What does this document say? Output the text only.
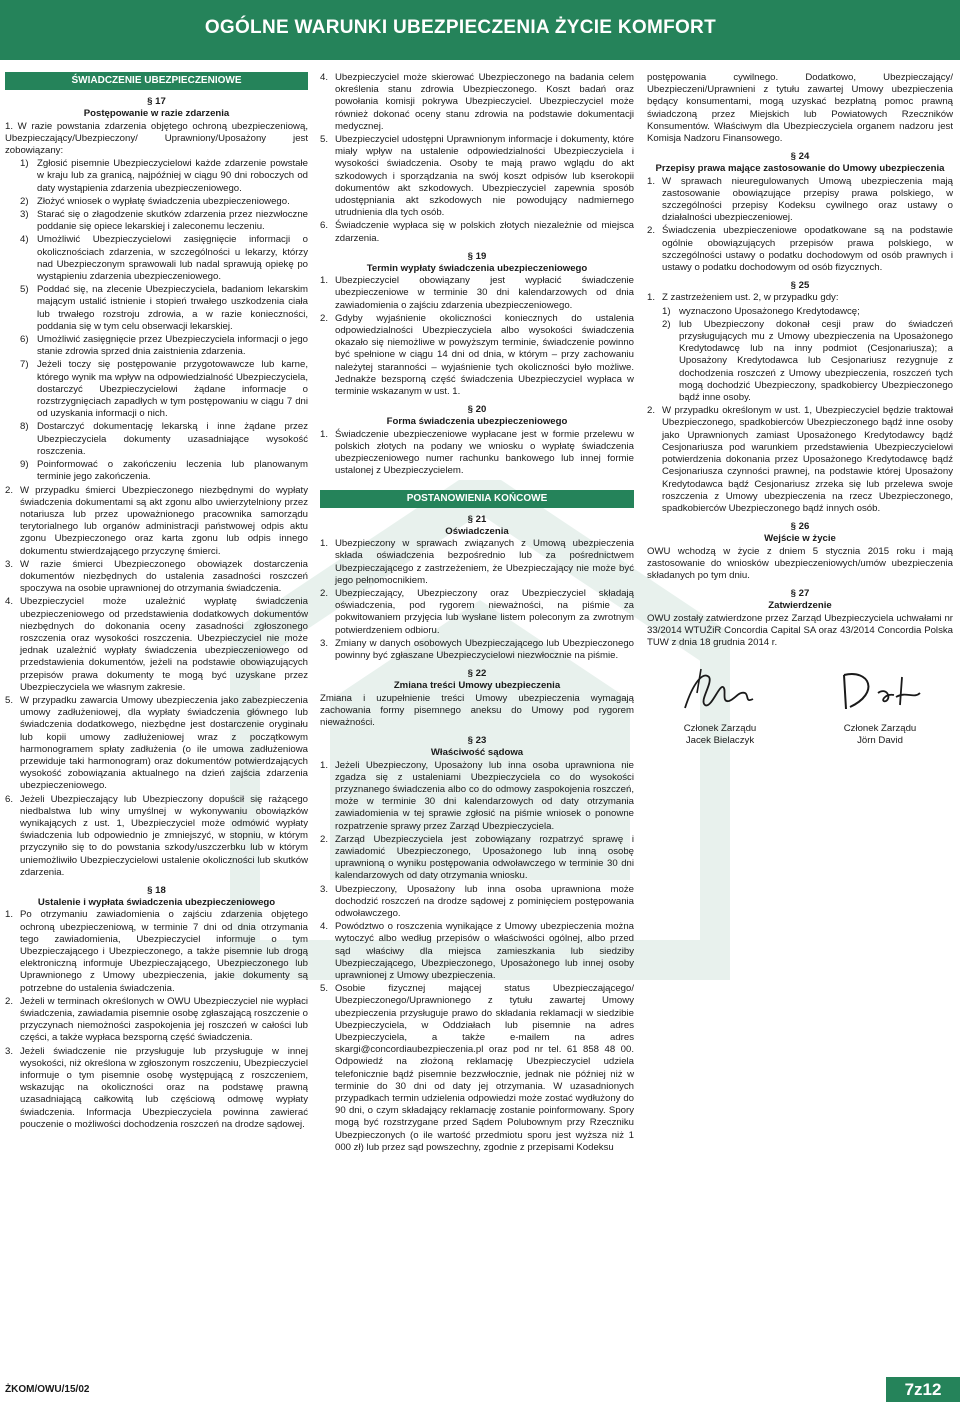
OGÓLNE WARUNKI UBEZPIECZENIA ŻYCIE KOMFORT
ŚWIADCZENIE UBEZPIECZENIOWE
§ 17
Postępowanie w razie zdarzenia
1. W razie powstania zdarzenia objętego ochroną ubezpieczeniową, Ubezpieczający/Ubezpieczony/ Uprawniony/Uposażony jest zobowiązany:
1) Zgłosić pisemnie Ubezpieczycielowi każde zdarzenie powstałe w kraju lub za granicą, najpóźniej w ciągu 90 dni roboczych od daty wystąpienia zdarzenia ubezpieczeniowego.
2) Złożyć wniosek o wypłatę świadczenia ubezpieczeniowego.
3) Starać się o złagodzenie skutków zdarzenia przez niezwłoczne poddanie się opiece lekarskiej i zaleconemu leczeniu.
4) Umożliwić Ubezpieczycielowi zasięgnięcie informacji o okolicznościach zdarzenia, w szczególności u lekarzy, którzy nad Ubezpieczonym sprawowali lub nadal sprawują opiekę po wystąpieniu zdarzenia ubezpieczeniowego.
5) Poddać się, na zlecenie Ubezpieczyciela, badaniom lekarskim mającym ustalić istnienie i stopień trwałego uszkodzenia ciała lub trwałego rozstroju zdrowia, a w razie konieczności, poddania się w tym celu obserwacji lekarskiej.
6) Umożliwić zasięgnięcie przez Ubezpieczyciela informacji o jego stanie zdrowia sprzed dnia zaistnienia zdarzenia.
7) Jeżeli toczy się postępowanie przygotowawcze lub karne, którego wynik ma wpływ na odpowiedzialność Ubezpieczyciela, dostarczyć Ubezpieczycielowi żądane informacje o rozstrzygnięciach zapadłych w tym postępowaniu w ciągu 7 dni od uzyskania informacji o nich.
8) Dostarczyć dokumentację lekarską i inne żądane przez Ubezpieczyciela dokumenty uzasadniające wysokość roszczenia.
9) Poinformować o zakończeniu leczenia lub planowanym terminie jego zakończenia.
2. W przypadku śmierci Ubezpieczonego niezbędnymi do wypłaty świadczenia dokumentami są akt zgonu albo uwierzytelniony przez notariusza lub przez upoważnionego pracownika samorządu terytorialnego lub organów administracji państwowej odpis aktu zgonu Ubezpieczonego oraz karta zgonu lub odpis innego dokumentu stwierdzającego przyczynę śmierci.
3. W razie śmierci Ubezpieczonego obowiązek dostarczenia dokumentów niezbędnych do ustalenia zasadności roszczeń spoczywa na osobie uprawnionej do otrzymania świadczenia.
4. Ubezpieczyciel może uzależnić wypłatę świadczenia ubezpieczeniowego od przedstawienia dodatkowych dokumentów niezbędnych do dokonania oceny zasadności zgłoszonego roszczenia oraz wysokości roszczenia. Ubezpieczyciel nie może jednak uzależnić wypłaty świadczenia ubezpieczeniowego od przedstawienia dokumentów, jeżeli na podstawie obowiązujących przepisów prawa dokumenty te mogą być uzyskane przez Ubezpieczyciela we własnym zakresie.
5. W przypadku zawarcia Umowy ubezpieczenia jako zabezpieczenia umowy zadłużeniowej, dla wypłaty świadczenia głównego lub świadczenia dodatkowego, niezbędne jest dostarczenie oryginału lub kopii umowy zadłużeniowej wraz z początkowym harmonogramem spłaty zadłużenia (o ile umowa zadłużeniowa przewiduje taki harmonogram) oraz dokumentów potwierdzających wysokość zobowiązania aktualnego na dzień zajścia zdarzenia ubezpieczeniowego.
6. Jeżeli Ubezpieczający lub Ubezpieczony dopuścił się rażącego niedbalstwa lub winy umyślnej w wykonywaniu obowiązków wynikających z ust. 1, Ubezpieczyciel może odmówić wypłaty świadczenia lub odpowiednio je zmniejszyć, w stopniu, w którym przyczyniło się to do powstania szkody/uszczerbku lub w którym uniemożliwiło Ubezpieczycielowi ustalenie okoliczności lub skutków zdarzenia.
§ 18
Ustalenie i wypłata świadczenia ubezpieczeniowego
1. Po otrzymaniu zawiadomienia o zajściu zdarzenia objętego ochroną ubezpieczeniową, w terminie 7 dni od dnia otrzymania tego zawiadomienia, Ubezpieczyciel informuje o tym Ubezpieczającego i Ubezpieczonego, a także pisemnie lub drogą elektroniczną informuje Ubezpieczającego, Ubezpieczonego lub Uprawnionego z Umowy ubezpieczenia, jakie dokumenty są potrzebne do ustalenia świadczenia.
2. Jeżeli w terminach określonych w OWU Ubezpieczyciel nie wypłaci świadczenia, zawiadamia pisemnie osobę zgłaszającą roszczenie o przyczynach niemożności zaspokojenia jej roszczeń w całości lub części, a także wypłaca bezsporną część świadczenia.
3. Jeżeli świadczenie nie przysługuje lub przysługuje w innej wysokości, niż określona w zgłoszonym roszczeniu, Ubezpieczyciel informuje o tym pisemnie osobę występującą z roszczeniem, wskazując na okoliczności oraz na podstawę prawną uzasadniającą całkowitą lub częściową odmowę wypłaty świadczenia. Informacja Ubezpieczyciela powinna zawierać pouczenie o możliwości dochodzenia roszczeń na drodze sądowej.
4. Ubezpieczyciel może skierować Ubezpieczonego na badania celem określenia stanu zdrowia Ubezpieczonego. Koszt badań oraz powołania komisji pokrywa Ubezpieczyciel. Ubezpieczyciel może również dokonać oceny stanu zdrowia na podstawie dokumentacji medycznej.
5. Ubezpieczyciel udostępni Uprawnionym informacje i dokumenty, które miały wpływ na ustalenie odpowiedzialności Ubezpieczyciela i wysokości świadczenia. Osoby te mają prawo wglądu do akt szkodowych i sporządzania na swój koszt odpisów lub kserokopii dokumentów akt szkodowych. Ubezpieczyciel zapewnia sposób udostępniania akt szkodowych nie powodujący nadmiernego utrudnienia dla tych osób.
6. Świadczenie wypłaca się w polskich złotych niezależnie od miejsca zdarzenia.
§ 19
Termin wypłaty świadczenia ubezpieczeniowego
1. Ubezpieczyciel obowiązany jest wypłacić świadczenie ubezpieczeniowe w terminie 30 dni kalendarzowych od dnia zawiadomienia o zajściu zdarzenia ubezpieczeniowego.
2. Gdyby wyjaśnienie okoliczności koniecznych do ustalenia odpowiedzialności Ubezpieczyciela albo wysokości świadczenia okazało się niemożliwe w powyższym terminie, świadczenie powinno być spełnione w ciągu 14 dni od dnia, w którym – przy zachowaniu należytej staranności – wyjaśnienie tych okoliczności było możliwe. Jednakże bezsporną część świadczenia Ubezpieczyciel wypłaca w terminie wskazanym w ust. 1.
§ 20
Forma świadczenia ubezpieczeniowego
1. Świadczenie ubezpieczeniowe wypłacane jest w formie przelewu w polskich złotych na podany we wniosku o wypłatę świadczenia ubezpieczeniowego numer rachunku bankowego lub innej formie ustalonej z Ubezpieczycielem.
POSTANOWIENIA KOŃCOWE
§ 21
Oświadczenia
1. Ubezpieczony w sprawach związanych z Umową ubezpieczenia składa oświadczenia bezpośrednio lub za pośrednictwem Ubezpieczającego z zastrzeżeniem, że Ubezpieczający nie może być jego pełnomocnikiem.
2. Ubezpieczający, Ubezpieczony oraz Ubezpieczyciel składają oświadczenia, pod rygorem nieważności, na piśmie za pokwitowaniem przyjęcia lub wysłane listem poleconym za zwrotnym potwierdzeniem odbioru.
3. Zmiany w danych osobowych Ubezpieczającego lub Ubezpieczonego powinny być zgłaszane Ubezpieczycielowi niezwłocznie na piśmie.
§ 22
Zmiana treści Umowy ubezpieczenia
Zmiana i uzupełnienie treści Umowy ubezpieczenia wymagają zachowania formy pisemnego aneksu do Umowy pod rygorem nieważności.
§ 23
Właściwość sądowa
1. Jeżeli Ubezpieczony, Uposażony lub inna osoba uprawniona nie zgadza się z ustaleniami Ubezpieczyciela co do wysokości przyznanego świadczenia albo co do odmowy zaspokojenia roszczeń, może w terminie 30 dni kalendarzowych od daty otrzymania zawiadomienia w tej sprawie zgłosić na piśmie wniosek o ponowne rozpatrzenie sprawy przez Zarząd Ubezpieczyciela.
2. Zarząd Ubezpieczyciela jest zobowiązany rozpatrzyć sprawę i zawiadomić Ubezpieczonego, Uposażonego lub inną osobę uprawnioną o wyniku postępowania odwoławczego w terminie 30 dni kalendarzowych od daty otrzymania wniosku.
3. Ubezpieczony, Uposażony lub inna osoba uprawniona może dochodzić roszczeń na drodze sądowej z pominięciem postępowania odwoławczego.
4. Powództwo o roszczenia wynikające z Umowy ubezpieczenia można wytoczyć albo według przepisów o właściwości ogólnej, albo przed sąd właściwy dla miejsca zamieszkania lub siedziby Ubezpieczającego, Ubezpieczonego, Uposażonego lub innej osoby uprawnionej z Umowy ubezpieczenia.
5. Osobie fizycznej mającej status Ubezpieczającego/ Ubezpieczonego/Uprawnionego z tytułu zawartej Umowy ubezpieczenia przysługuje prawo do składania reklamacji w siedzibie Ubezpieczyciela, w Oddziałach lub pisemnie na adres Ubezpieczyciela, a także e-mailem na adres skargi@concordiaubezpieczenia.pl oraz pod nr tel. 61 858 48 00. Odpowiedź na złożoną reklamację Ubezpieczyciel udziela telefonicznie bądź pisemnie bezzwłocznie, jednak nie później niż w terminie do 30 dni od daty jej otrzymania. W uzasadnionych przypadkach termin udzielenia odpowiedzi może zostać wydłużony do 90 dni, o czym składający reklamację zostanie poinformowany. Spory mogą być rozstrzygane przed Sądem Polubownym przy Rzeczniku Ubezpieczonych (o ile wartość przedmiotu sporu jest wyższa niż 1 000 zł) lub przez sąd powszechny, zgodnie z przepisami Kodeksu
postępowania cywilnego. Dodatkowo, Ubezpieczający/ Ubezpieczeni/Uprawnieni z tytułu zawartej Umowy ubezpieczenia będący konsumentami, mogą uzyskać bezpłatną pomoc prawną świadczoną przez Miejskich lub Powiatowych Rzeczników Konsumentów. Właściwym dla Ubezpieczyciela organem nadzoru jest Komisja Nadzoru Finansowego.
§ 24
Przepisy prawa mające zastosowanie do Umowy ubezpieczenia
1. W sprawach nieuregulowanych Umową ubezpieczenia mają zastosowanie obowiązujące przepisy prawa polskiego, w szczególności przepisy Kodeksu cywilnego oraz ustawy o działalności ubezpieczeniowej.
2. Świadczenia ubezpieczeniowe opodatkowane są na podstawie ogólnie obowiązujących przepisów prawa polskiego, w szczególności ustawy o podatku dochodowym od osób prawnych i ustawy o podatku dochodowym od osób fizycznych.
§ 25
1. Z zastrzeżeniem ust. 2, w przypadku gdy:
1) wyznaczono Uposażonego Kredytodawcę;
2) lub Ubezpieczony dokonał cesji praw do świadczeń przysługujących mu z Umowy ubezpieczenia na Uposażonego Kredytodawcę lub na inny podmiot (Cesjonariusza); a Uposażony Kredytodawca lub Cesjonariusz rezygnuje z dochodzenia roszczeń z Umowy ubezpieczenia, roszczeń tych mogą dochodzić Ubezpieczony, spadkobiercy Ubezpieczonego bądź inne osoby.
2. W przypadku określonym w ust. 1, Ubezpieczyciel będzie traktował Ubezpieczonego, spadkobierców Ubezpieczonego bądź inne osoby jako Uprawnionych zamiast Uposażonego Kredytodawcy bądź Cesjonariusza pod warunkiem przedstawienia Ubezpieczycielowi potwierdzenia dokonania przez Uposażonego Kredytodawcę bądź Cesjonariusza czynności prawnej, na podstawie której Uposażony Kredytodawca bądź Cesjonariusz zrzeka się lub przelewa swoje roszczenia z Umowy ubezpieczenia na rzecz Ubezpieczonego, spadkobierców Ubezpieczonego bądź innych osób.
§ 26
Wejście w życie
OWU wchodzą w życie z dniem 5 stycznia 2015 roku i mają zastosowanie do wniosków ubezpieczeniowych/umów ubezpieczenia składanych po tym dniu.
§ 27
Zatwierdzenie
OWU zostały zatwierdzone przez Zarząd Ubezpieczyciela uchwałami nr 33/2014 WTUŻiR Concordia Capital SA oraz 43/2014 Concordia Polska TUW z dnia 18 grudnia 2014 r.
Członek Zarządu
Jacek Bielaczyk
Członek Zarządu
Jörn David
ŻKOM/OWU/15/02	7z12
